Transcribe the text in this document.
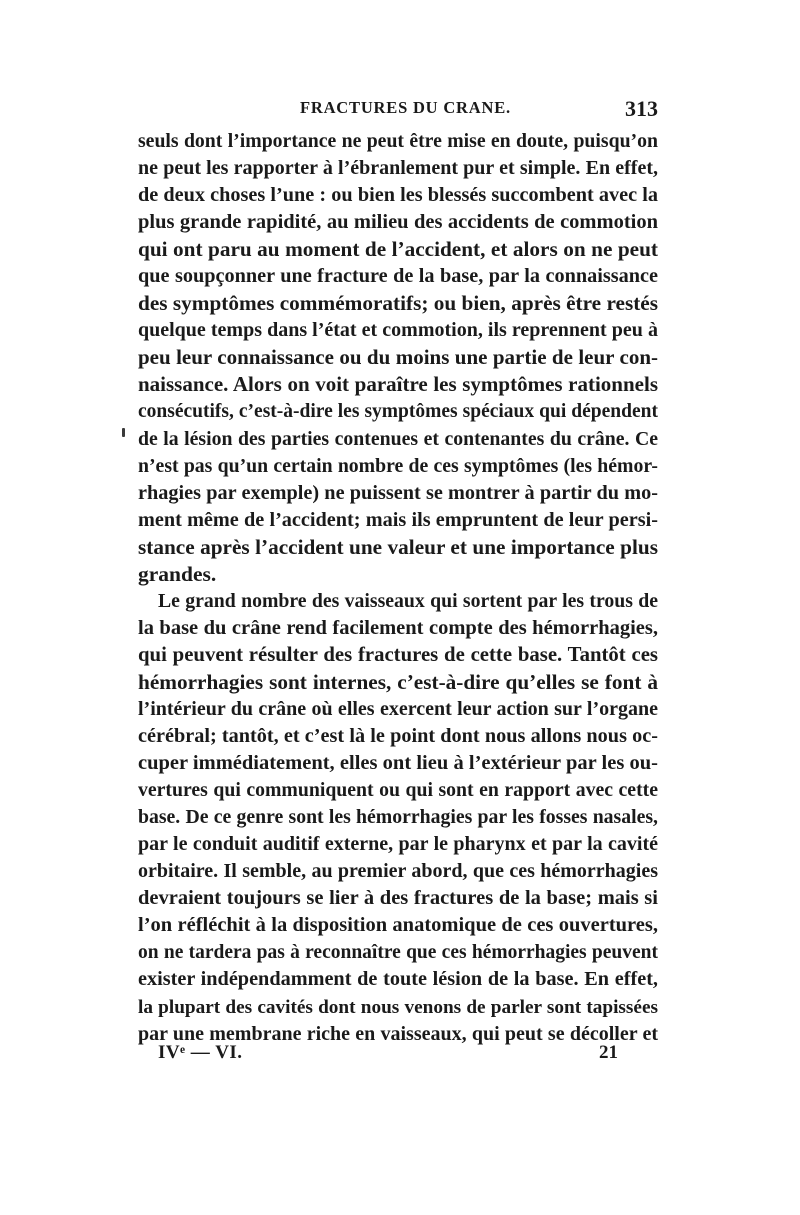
FRACTURES DU CRANE.	313
seuls dont l’importance ne peut être mise en doute, puisqu’on
ne peut les rapporter à l’ébranlement pur et simple. En effet,
de deux choses l’une : ou bien les blessés succombent avec la
plus grande rapidité, au milieu des accidents de commotion
qui ont paru au moment de l’accident, et alors on ne peut
que soupçonner une fracture de la base, par la connaissance
des symptômes commémoratifs; ou bien, après être restés
quelque temps dans l’état et commotion, ils reprennent peu à
peu leur connaissance ou du moins une partie de leur con-
naissance. Alors on voit paraître les symptômes rationnels
consécutifs, c’est-à-dire les symptômes spéciaux qui dépendent
de la lésion des parties contenues et contenantes du crâne. Ce
n’est pas qu’un certain nombre de ces symptômes (les hémor-
rhagies par exemple) ne puissent se montrer à partir du mo-
ment même de l’accident; mais ils empruntent de leur persi-
stance après l’accident une valeur et une importance plus
grandes.
Le grand nombre des vaisseaux qui sortent par les trous de
la base du crâne rend facilement compte des hémorrhagies,
qui peuvent résulter des fractures de cette base. Tantôt ces
hémorrhagies sont internes, c’est-à-dire qu’elles se font à
l’intérieur du crâne où elles exercent leur action sur l’organe
cérébral; tantôt, et c’est là le point dont nous allons nous oc-
cuper immédiatement, elles ont lieu à l’extérieur par les ou-
vertures qui communiquent ou qui sont en rapport avec cette
base. De ce genre sont les hémorrhagies par les fosses nasales,
par le conduit auditif externe, par le pharynx et par la cavité
orbitaire. Il semble, au premier abord, que ces hémorrhagies
devraient toujours se lier à des fractures de la base; mais si
l’on réfléchit à la disposition anatomique de ces ouvertures,
on ne tardera pas à reconnaître que ces hémorrhagies peuvent
exister indépendamment de toute lésion de la base. En effet,
la plupart des cavités dont nous venons de parler sont tapissées
par une membrane riche en vaisseaux, qui peut se décoller et
IVᵉ — VI.	21
